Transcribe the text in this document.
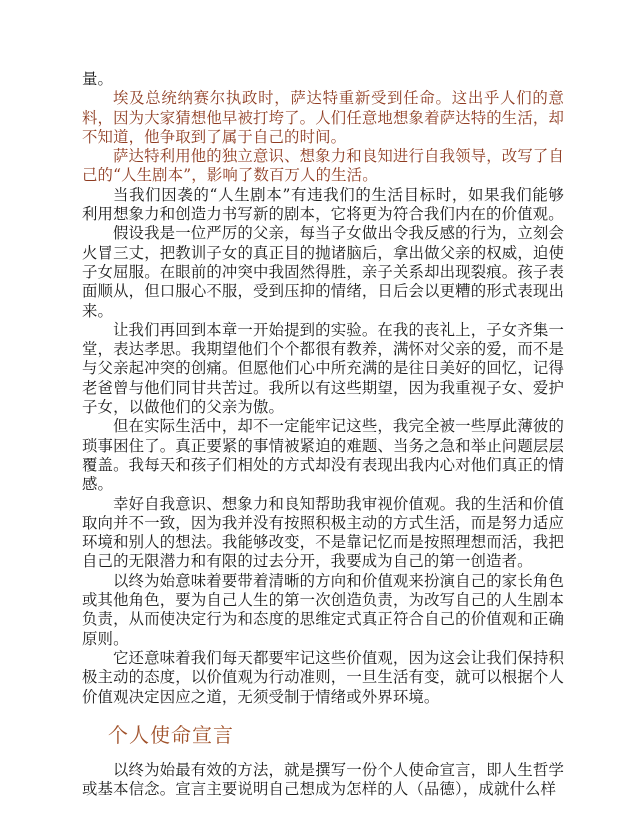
量。

埃及总统纳赛尔执政时，萨达特重新受到任命。这出乎人们的意料，因为大家猜想他早被打垮了。人们任意地想象着萨达特的生活，却不知道，他争取到了属于自己的时间。

萨达特利用他的独立意识、想象力和良知进行自我领导，改写了自己的“人生剧本”，影响了数百万人的生活。

当我们因袭的“人生剧本”有违我们的生活目标时，如果我们能够利用想象力和创造力书写新的剧本，它将更为符合我们内在的价值观。

假设我是一位严厉的父亲，每当子女做出令我反感的行为，立刻会火冒三丈，把教训子女的真正目的抛诸脑后，拿出做父亲的权威，迫使子女屈服。在眼前的冲突中我固然得胜，亲子关系却出现裂痕。孩子表面顺从，但口服心不服，受到压抑的情绪，日后会以更糟的形式表现出来。

让我们再回到本章一开始提到的实验。在我的丧礼上，子女齐集一堂，表达孝思。我期望他们个个都很有教养，满怀对父亲的爱，而不是与父亲起冲突的创痛。但愿他们心中所充满的是往日美好的回忆，记得老爸曾与他们同甘共苦过。我所以有这些期望，因为我重视子女、爱护子女，以做他们的父亲为傲。

但在实际生活中，却不一定能牢记这些，我完全被一些厚此薄彼的琐事困住了。真正要紧的事情被紧迫的难题、当务之急和举止问题层层覆盖。我每天和孩子们相处的方式却没有表现出我内心对他们真正的情感。

幸好自我意识、想象力和良知帮助我审视价值观。我的生活和价值取向并不一致，因为我并没有按照积极主动的方式生活，而是努力适应环境和别人的想法。我能够改变，不是靠记忆而是按照理想而活，我把自己的无限潜力和有限的过去分开，我要成为自己的第一创造者。

以终为始意味着要带着清晰的方向和价值观来扮演自己的家长角色或其他角色，要为自己人生的第一次创造负责，为改写自己的人生剧本负责，从而使决定行为和态度的思维定式真正符合自己的价值观和正确原则。

它还意味着我们每天都要牢记这些价值观，因为这会让我们保持积极主动的态度，以价值观为行动准则，一旦生活有变，就可以根据个人价值观决定因应之道，无须受制于情绪或外界环境。

个人使命宣言

以终为始最有效的方法，就是撰写一份个人使命宣言，即人生哲学或基本信念。宣言主要说明自己想成为怎样的人（品德），成就什么样
